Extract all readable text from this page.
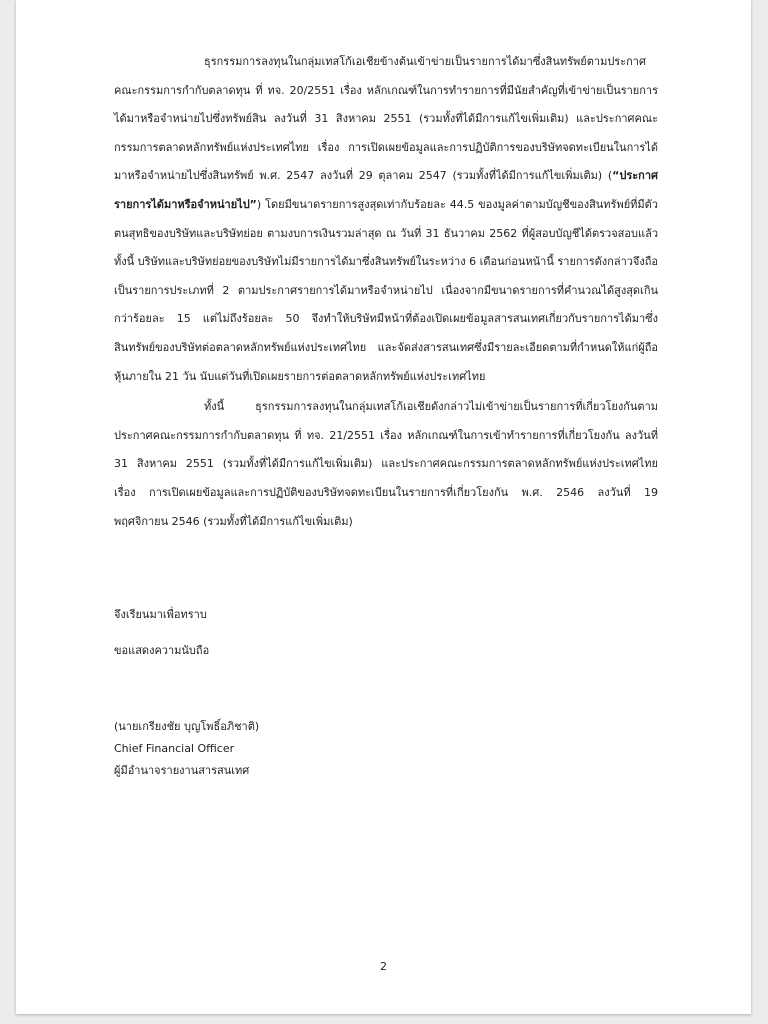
ธุรกรรมการลงทุนในกลุ่มเทสโก้เอเชียข้างต้นเข้าข่ายเป็นรายการได้มาซึ่งสินทรัพย์ตามประกาศคณะกรรมการกำกับตลาดทุน ที่ ทจ. 20/2551 เรื่อง หลักเกณฑ์ในการทำรายการที่มีนัยสำคัญที่เข้าข่ายเป็นรายการได้มาหรือจำหน่ายไปซึ่งทรัพย์สิน ลงวันที่ 31 สิงหาคม 2551 (รวมทั้งที่ได้มีการแก้ไขเพิ่มเติม) และประกาศคณะกรรมการตลาดหลักทรัพย์แห่งประเทศไทย เรื่อง การเปิดเผยข้อมูลและการปฏิบัติการของบริษัทจดทะเบียนในการได้มาหรือจำหน่ายไปซึ่งสินทรัพย์ พ.ศ. 2547 ลงวันที่ 29 ตุลาคม 2547 (รวมทั้งที่ได้มีการแก้ไขเพิ่มเติม) (“ประกาศรายการได้มาหรือจำหน่ายไป”) โดยมีขนาดรายการสูงสุดเท่ากับร้อยละ 44.5 ของมูลค่าตามบัญชีของสินทรัพย์ที่มีตัวตนสุทธิของบริษัทและบริษัทย่อย ตามงบการเงินรวมล่าสุด ณ วันที่ 31 ธันวาคม 2562 ที่ผู้สอบบัญชีได้ตรวจสอบแล้ว ทั้งนี้ บริษัทและบริษัทย่อยของบริษัทไม่มีรายการได้มาซึ่งสินทรัพย์ในระหว่าง 6 เดือนก่อนหน้านี้ รายการดังกล่าวจึงถือเป็นรายการประเภทที่ 2 ตามประกาศรายการได้มาหรือจำหน่ายไป เนื่องจากมีขนาดรายการที่คำนวณได้สูงสุดเกินกว่าร้อยละ 15 แต่ไม่ถึงร้อยละ 50 จึงทำให้บริษัทมีหน้าที่ต้องเปิดเผยข้อมูลสารสนเทศเกี่ยวกับรายการได้มาซึ่งสินทรัพย์ของบริษัทต่อตลาดหลักทรัพย์แห่งประเทศไทย และจัดส่งสารสนเทศซึ่งมีรายละเอียดตามที่กำหนดให้แก่ผู้ถือหุ้นภายใน 21 วัน นับแต่วันที่เปิดเผยรายการต่อตลาดหลักทรัพย์แห่งประเทศไทย

ทั้งนี้ ธุรกรรมการลงทุนในกลุ่มเทสโก้เอเชียดังกล่าวไม่เข้าข่ายเป็นรายการที่เกี่ยวโยงกันตามประกาศคณะกรรมการกำกับตลาดทุน ที่ ทจ. 21/2551 เรื่อง หลักเกณฑ์ในการเข้าทำรายการที่เกี่ยวโยงกัน ลงวันที่ 31 สิงหาคม 2551 (รวมทั้งที่ได้มีการแก้ไขเพิ่มเติม) และประกาศคณะกรรมการตลาดหลักทรัพย์แห่งประเทศไทย เรื่อง การเปิดเผยข้อมูลและการปฏิบัติของบริษัทจดทะเบียนในรายการที่เกี่ยวโยงกัน พ.ศ. 2546 ลงวันที่ 19 พฤศจิกายน 2546 (รวมทั้งที่ได้มีการแก้ไขเพิ่มเติม)

จึงเรียนมาเพื่อทราบ
ขอแสดงความนับถือ
(นายเกรียงชัย บุญโพธิ์อภิชาติ)
Chief Financial Officer
ผู้มีอำนาจรายงานสารสนเทศ
2
